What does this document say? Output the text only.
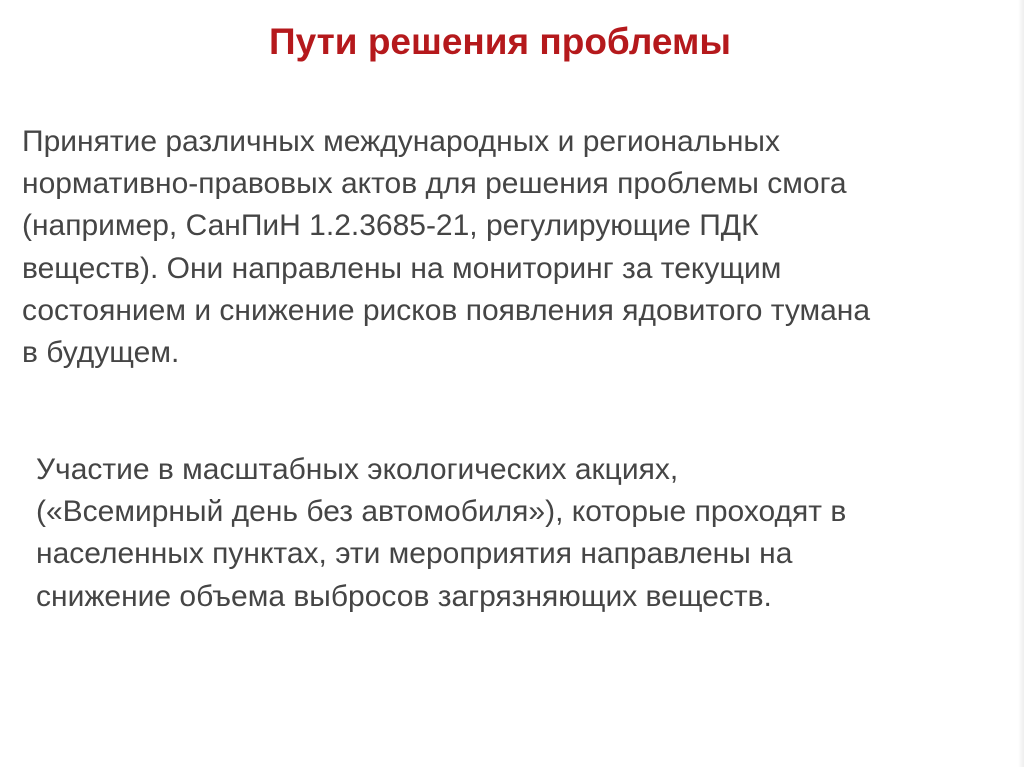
Пути решения проблемы

Принятие различных международных и региональных
нормативно-правовых актов для решения проблемы смога
(например, СанПиН 1.2.3685-21, регулирующие ПДК
веществ). Они направлены на мониторинг за текущим
состоянием и снижение рисков появления ядовитого тумана
в будущем.

Участие в масштабных экологических акциях,
(«Всемирный день без автомобиля»), которые проходят в
населенных пунктах, эти мероприятия направлены на
снижение объема выбросов загрязняющих веществ.
